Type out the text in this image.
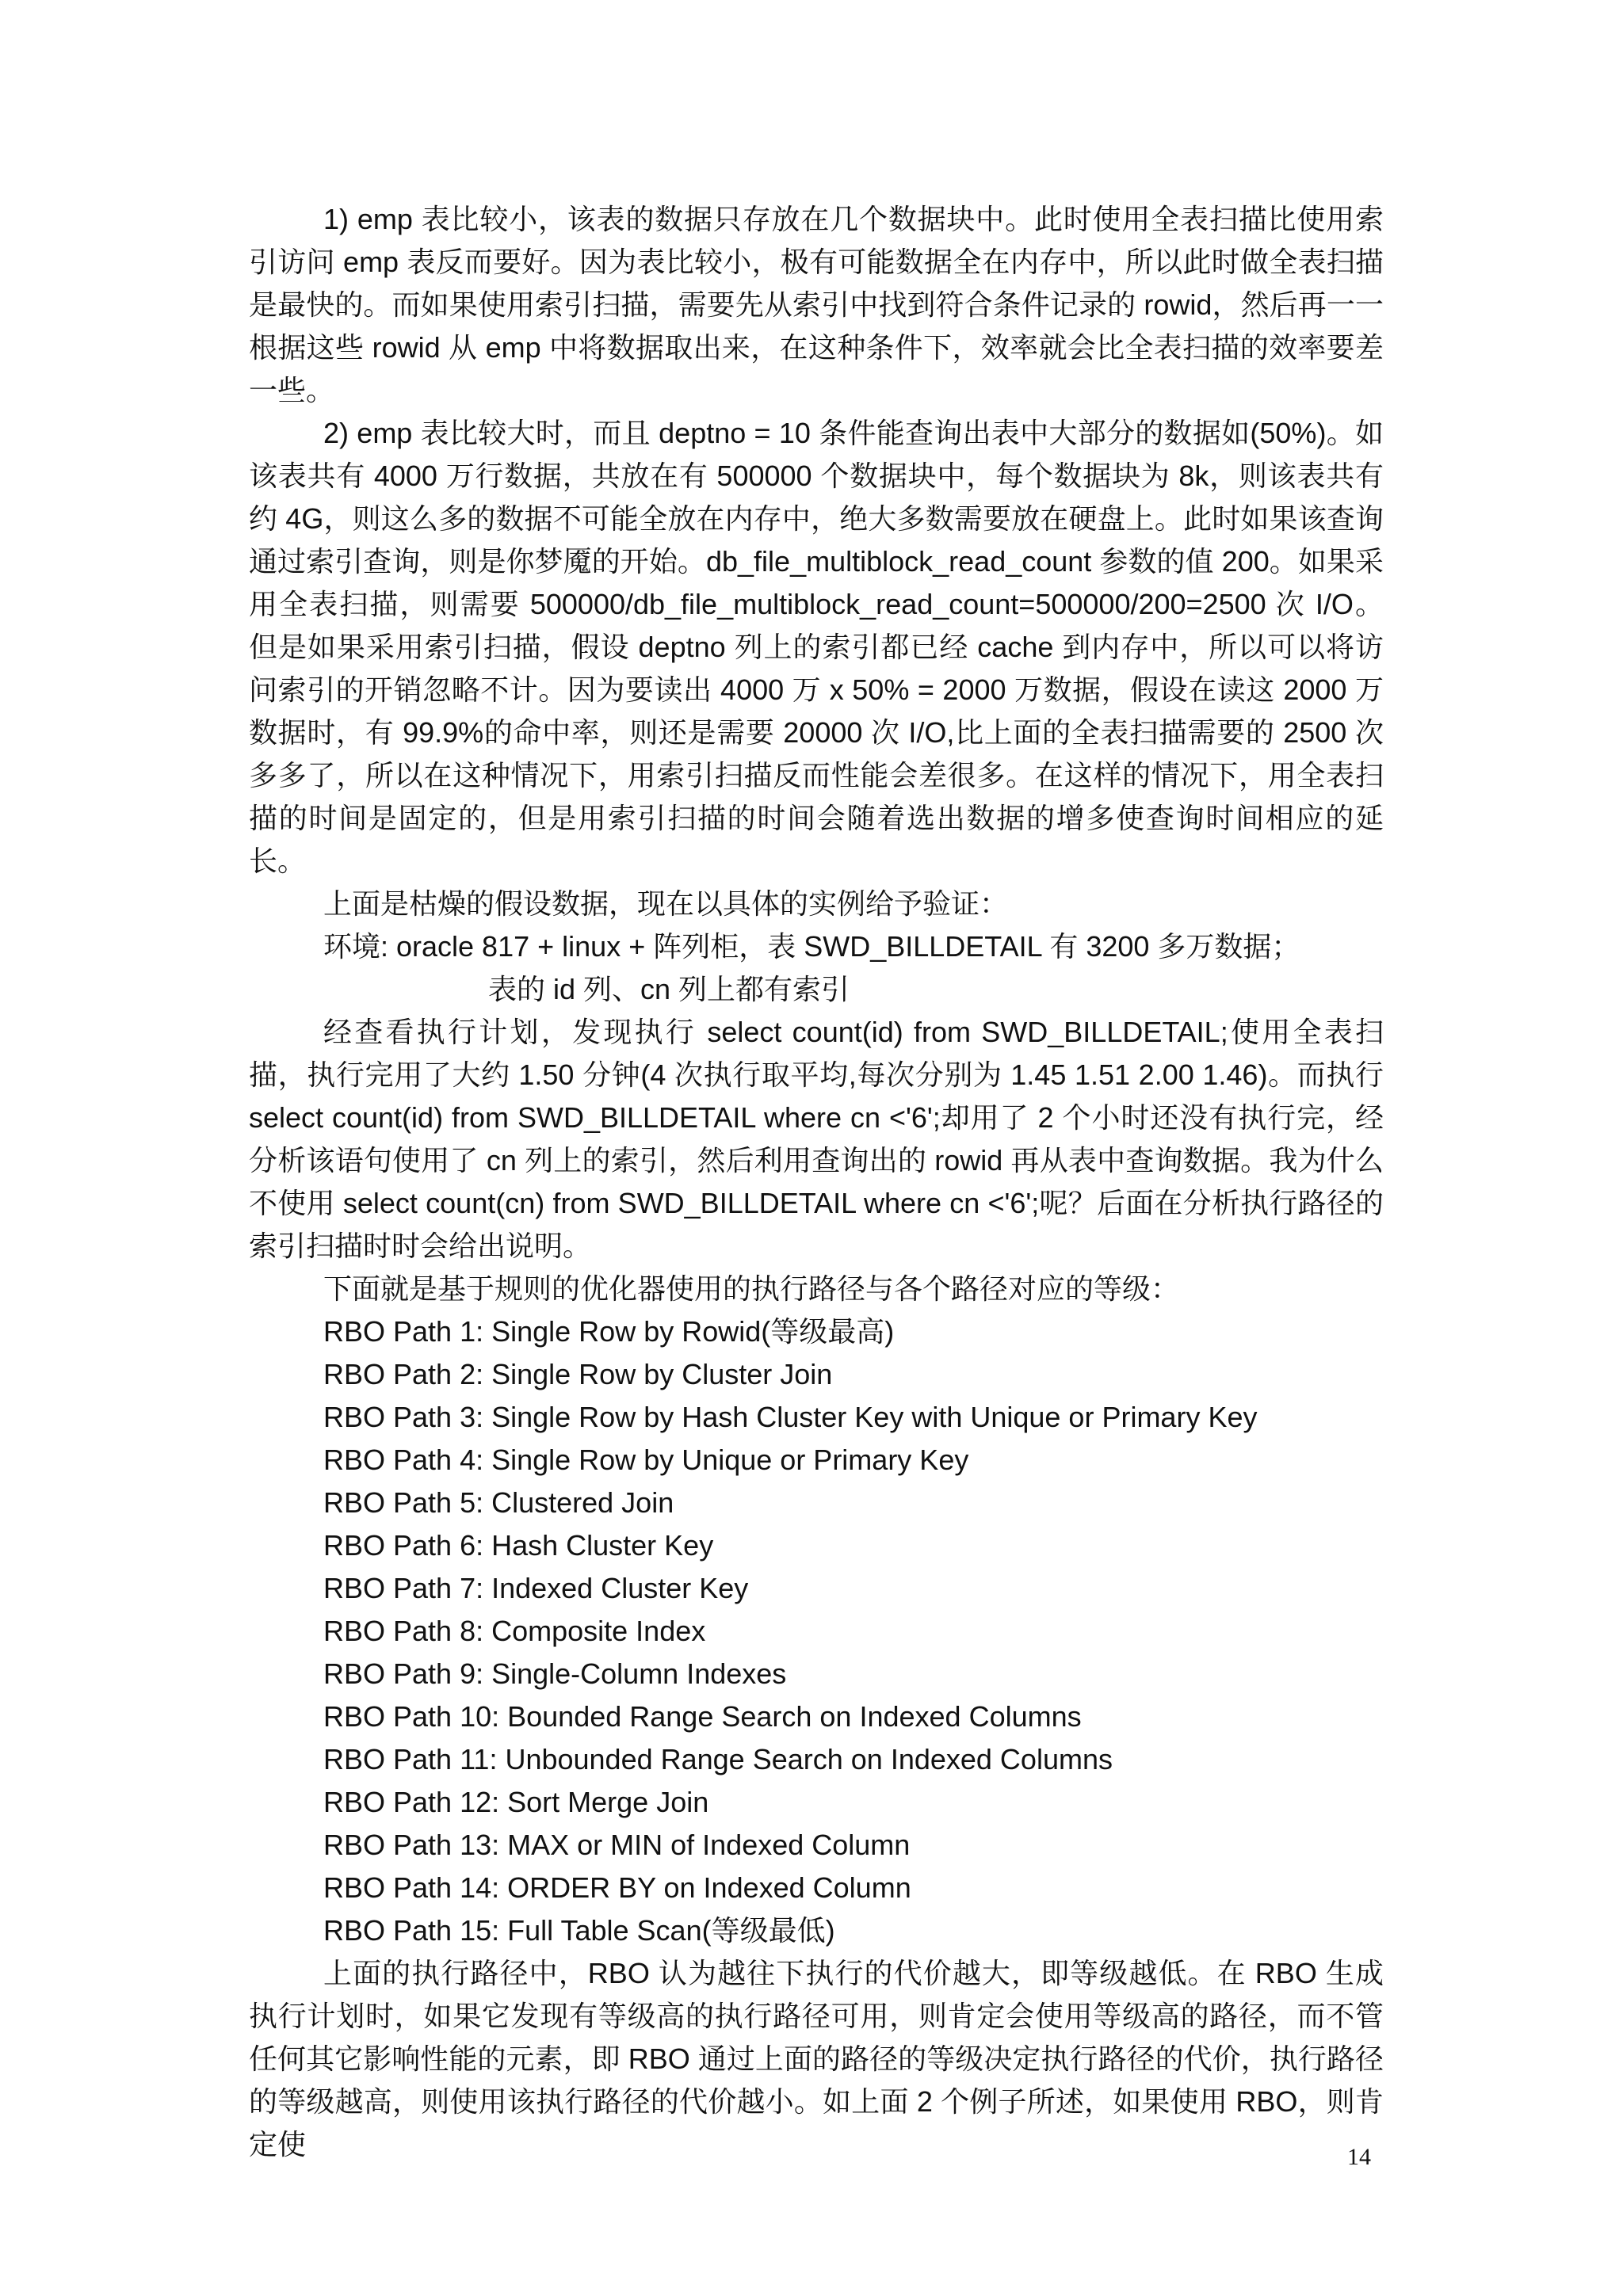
1) emp 表比较小，该表的数据只存放在几个数据块中。此时使用全表扫描比使用索引访问 emp 表反而要好。因为表比较小，极有可能数据全在内存中，所以此时做全表扫描是最快的。而如果使用索引扫描，需要先从索引中找到符合条件记录的 rowid，然后再一一根据这些 rowid 从 emp 中将数据取出来，在这种条件下，效率就会比全表扫描的效率要差一些。

2) emp 表比较大时，而且 deptno = 10 条件能查询出表中大部分的数据如(50%)。如该表共有 4000 万行数据，共放在有 500000 个数据块中，每个数据块为 8k，则该表共有约 4G，则这么多的数据不可能全放在内存中，绝大多数需要放在硬盘上。此时如果该查询通过索引查询，则是你梦魇的开始。db_file_multiblock_read_count 参数的值 200。如果采用全表扫描，则需要 500000/db_file_multiblock_read_count=500000/200=2500 次 I/O。但是如果采用索引扫描，假设 deptno 列上的索引都已经 cache 到内存中，所以可以将访问索引的开销忽略不计。因为要读出 4000 万 x 50% = 2000 万数据，假设在读这 2000 万数据时，有 99.9%的命中率，则还是需要 20000 次 I/O,比上面的全表扫描需要的 2500 次多多了，所以在这种情况下，用索引扫描反而性能会差很多。在这样的情况下，用全表扫描的时间是固定的，但是用索引扫描的时间会随着选出数据的增多使查询时间相应的延长。

上面是枯燥的假设数据，现在以具体的实例给予验证：

环境: oracle 817 + linux + 阵列柜，表 SWD_BILLDETAIL 有 3200 多万数据；

表的 id 列、cn 列上都有索引

经查看执行计划，发现执行 select count(id) from SWD_BILLDETAIL;使用全表扫描，执行完用了大约 1.50 分钟(4 次执行取平均,每次分别为 1.45 1.51 2.00 1.46)。而执行 select count(id) from SWD_BILLDETAIL where cn <'6';却用了 2 个小时还没有执行完，经分析该语句使用了 cn 列上的索引，然后利用查询出的 rowid 再从表中查询数据。我为什么不使用 select count(cn) from SWD_BILLDETAIL where cn <'6';呢？后面在分析执行路径的索引扫描时时会给出说明。

下面就是基于规则的优化器使用的执行路径与各个路径对应的等级：

RBO Path 1: Single Row by Rowid(等级最高)
RBO Path 2: Single Row by Cluster Join
RBO Path 3: Single Row by Hash Cluster Key with Unique or Primary Key
RBO Path 4: Single Row by Unique or Primary Key
RBO Path 5: Clustered Join
RBO Path 6: Hash Cluster Key
RBO Path 7: Indexed Cluster Key
RBO Path 8: Composite Index
RBO Path 9: Single-Column Indexes
RBO Path 10: Bounded Range Search on Indexed Columns
RBO Path 11: Unbounded Range Search on Indexed Columns
RBO Path 12: Sort Merge Join
RBO Path 13: MAX or MIN of Indexed Column
RBO Path 14: ORDER BY on Indexed Column
RBO Path 15: Full Table Scan(等级最低)

上面的执行路径中，RBO 认为越往下执行的代价越大，即等级越低。在 RBO 生成执行计划时，如果它发现有等级高的执行路径可用，则肯定会使用等级高的路径，而不管任何其它影响性能的元素，即 RBO 通过上面的路径的等级决定执行路径的代价，执行路径的等级越高，则使用该执行路径的代价越小。如上面 2 个例子所述，如果使用 RBO，则肯定使	14
